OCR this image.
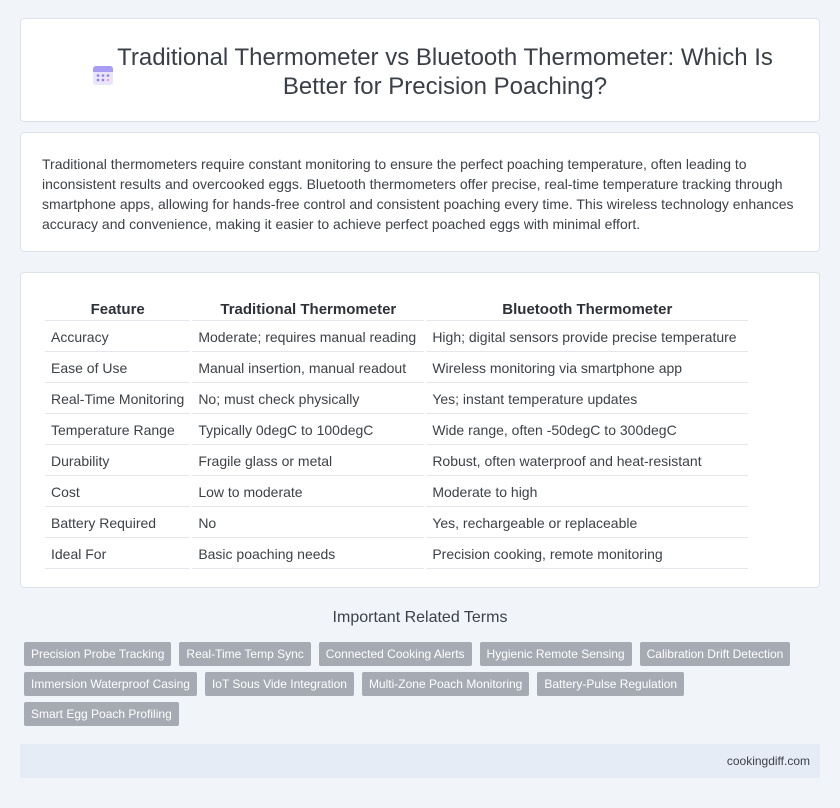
Traditional Thermometer vs Bluetooth Thermometer: Which Is Better for Precision Poaching?

Traditional thermometers require constant monitoring to ensure the perfect poaching temperature, often leading to inconsistent results and overcooked eggs. Bluetooth thermometers offer precise, real-time temperature tracking through smartphone apps, allowing for hands-free control and consistent poaching every time. This wireless technology enhances accuracy and convenience, making it easier to achieve perfect poached eggs with minimal effort.

Feature	Traditional Thermometer	Bluetooth Thermometer
Accuracy	Moderate; requires manual reading	High; digital sensors provide precise temperature
Ease of Use	Manual insertion, manual readout	Wireless monitoring via smartphone app
Real-Time Monitoring	No; must check physically	Yes; instant temperature updates
Temperature Range	Typically 0degC to 100degC	Wide range, often -50degC to 300degC
Durability	Fragile glass or metal	Robust, often waterproof and heat-resistant
Cost	Low to moderate	Moderate to high
Battery Required	No	Yes, rechargeable or replaceable
Ideal For	Basic poaching needs	Precision cooking, remote monitoring
Important Related Terms
Precision Probe Tracking	Real-Time Temp Sync	Connected Cooking Alerts	Hygienic Remote Sensing	Calibration Drift Detection
Immersion Waterproof Casing	IoT Sous Vide Integration	Multi-Zone Poach Monitoring	Battery-Pulse Regulation
Smart Egg Poach Profiling
cookingdiff.com
